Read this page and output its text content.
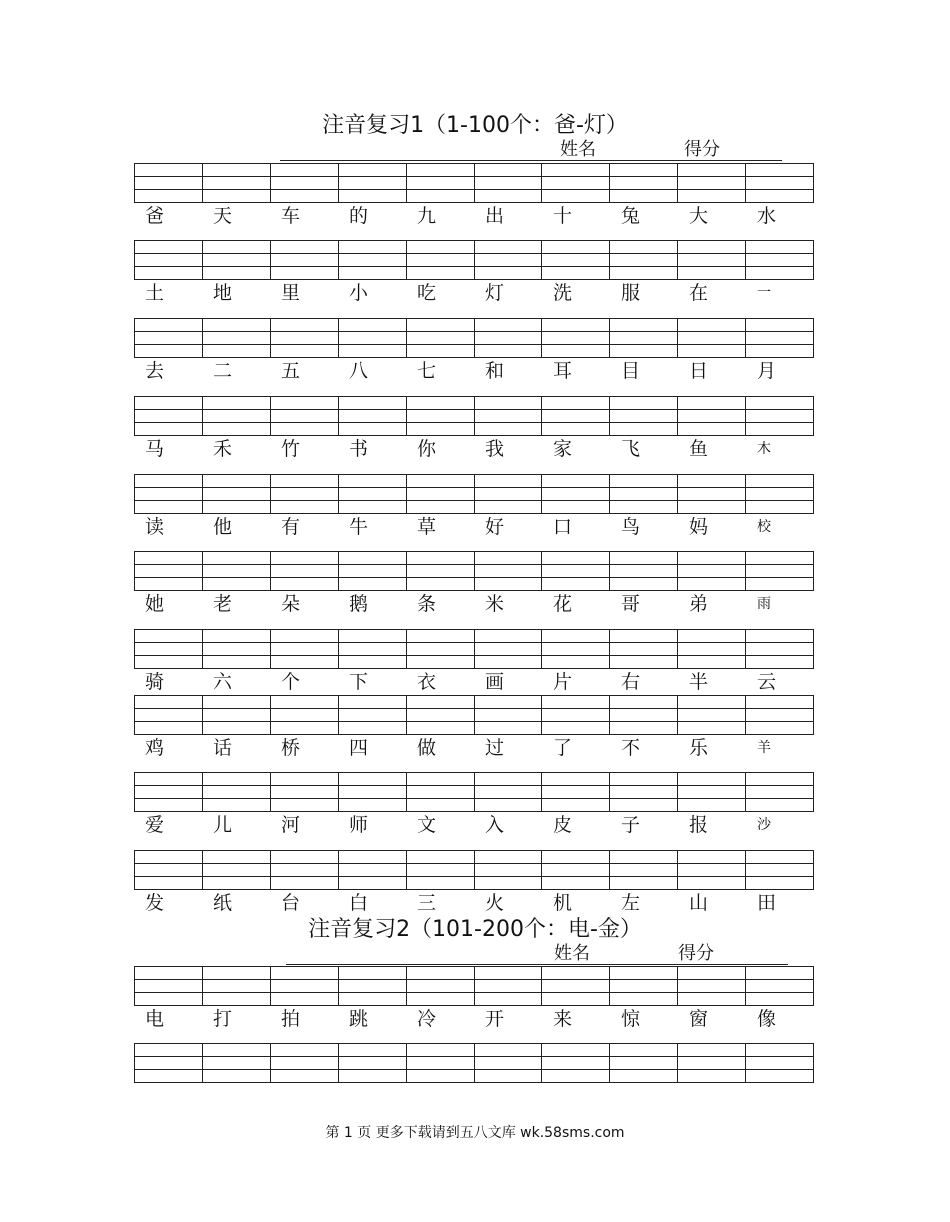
注音复习1（1-100个：爸-灯）
姓名	得分
爸	天	车	的	九	出	十	兔	大	水
土	地	里	小	吃	灯	洗	服	在	一
去	二	五	八	七	和	耳	目	日	月
马	禾	竹	书	你	我	家	飞	鱼	木
读	他	有	牛	草	好	口	鸟	妈	校
她	老	朵	鹅	条	米	花	哥	弟	雨
骑	六	个	下	衣	画	片	右	半	云
鸡	话	桥	四	做	过	了	不	乐	羊
爱	儿	河	师	文	入	皮	子	报	沙
发	纸	台	白	三	火	机	左	山	田
注音复习2（101-200个：电-金）
姓名	得分
电	打	拍	跳	冷	开	来	惊	窗	像
第 1 页 更多下载请到五八文库 wk.58sms.com
